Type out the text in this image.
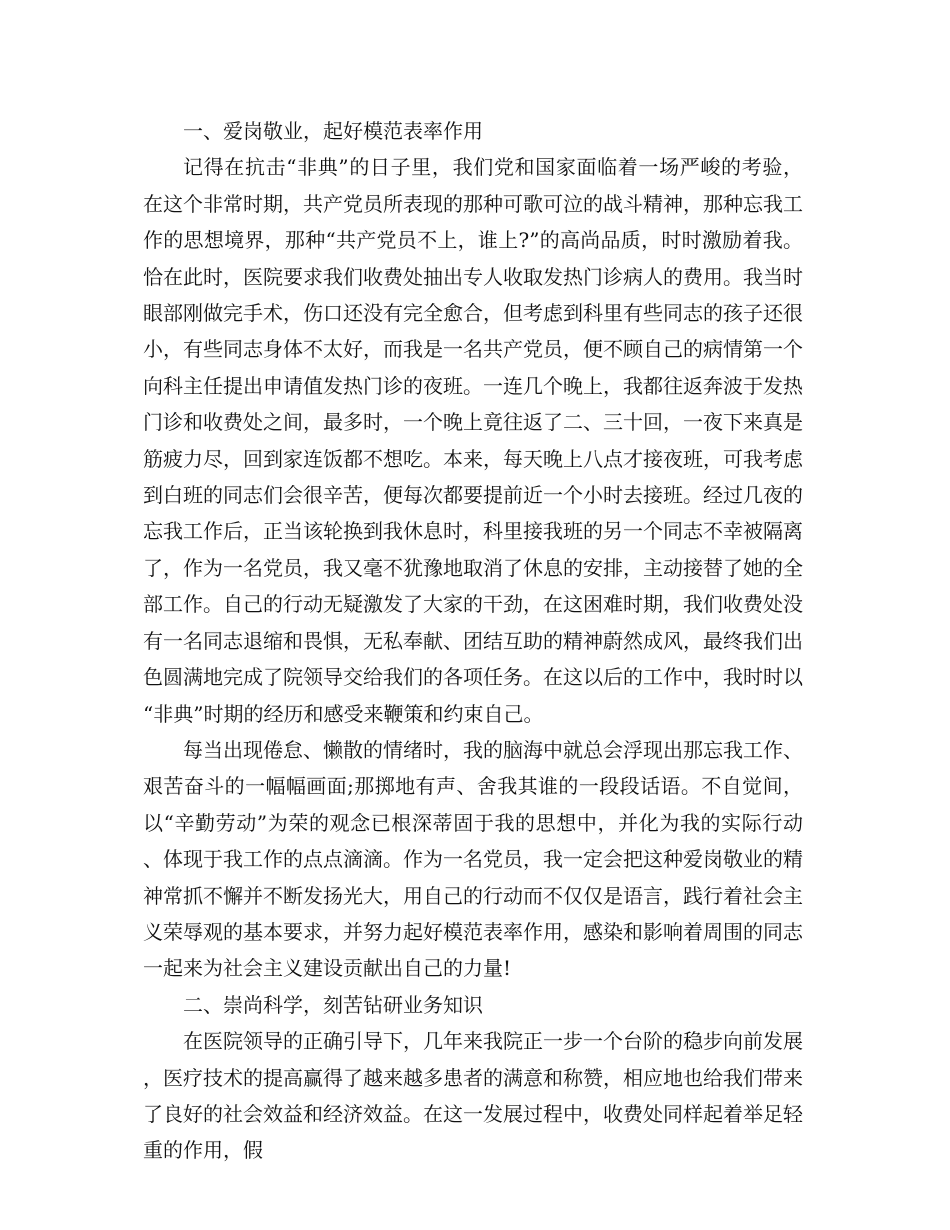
一、爱岗敬业，起好模范表率作用

记得在抗击“非典”的日子里，我们党和国家面临着一场严峻的考验，在这个非常时期，共产党员所表现的那种可歌可泣的战斗精神，那种忘我工作的思想境界，那种“共产党员不上，谁上?”的高尚品质，时时激励着我。恰在此时，医院要求我们收费处抽出专人收取发热门诊病人的费用。我当时眼部刚做完手术，伤口还没有完全愈合，但考虑到科里有些同志的孩子还很小，有些同志身体不太好，而我是一名共产党员，便不顾自己的病情第一个向科主任提出申请值发热门诊的夜班。一连几个晚上，我都往返奔波于发热门诊和收费处之间，最多时，一个晚上竟往返了二、三十回，一夜下来真是筋疲力尽，回到家连饭都不想吃。本来，每天晚上八点才接夜班，可我考虑到白班的同志们会很辛苦，便每次都要提前近一个小时去接班。经过几夜的忘我工作后，正当该轮换到我休息时，科里接我班的另一个同志不幸被隔离了，作为一名党员，我又毫不犹豫地取消了休息的安排，主动接替了她的全部工作。自己的行动无疑激发了大家的干劲，在这困难时期，我们收费处没有一名同志退缩和畏惧，无私奉献、团结互助的精神蔚然成风，最终我们出色圆满地完成了院领导交给我们的各项任务。在这以后的工作中，我时时以“非典”时期的经历和感受来鞭策和约束自己。

每当出现倦怠、懒散的情绪时，我的脑海中就总会浮现出那忘我工作、艰苦奋斗的一幅幅画面;那掷地有声、舍我其谁的一段段话语。不自觉间，以“辛勤劳动”为荣的观念已根深蒂固于我的思想中，并化为我的实际行动、体现于我工作的点点滴滴。作为一名党员，我一定会把这种爱岗敬业的精神常抓不懈并不断发扬光大，用自己的行动而不仅仅是语言，践行着社会主义荣辱观的基本要求，并努力起好模范表率作用，感染和影响着周围的同志一起来为社会主义建设贡献出自己的力量!

二、崇尚科学，刻苦钻研业务知识

在医院领导的正确引导下，几年来我院正一步一个台阶的稳步向前发展，医疗技术的提高赢得了越来越多患者的满意和称赞，相应地也给我们带来了良好的社会效益和经济效益。在这一发展过程中，收费处同样起着举足轻重的作用，假
